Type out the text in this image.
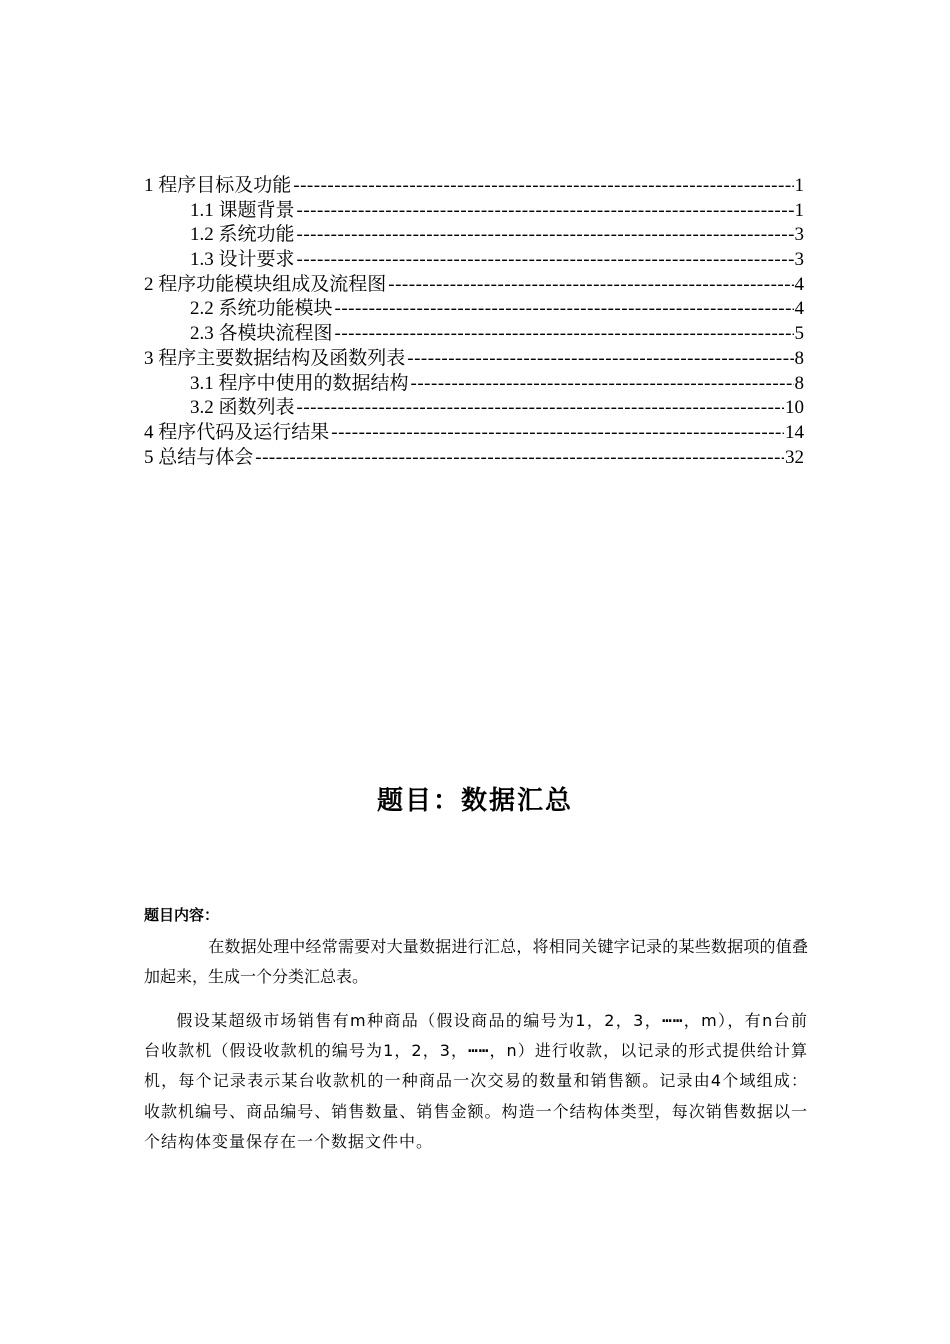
1 程序目标及功能 -----	1
1.1 课题背景 -----	1
1.2 系统功能 -----	3
1.3 设计要求 -----	3
2 程序功能模块组成及流程图 -----	4
2.2 系统功能模块 -----	4
2.3 各模块流程图 -----	5
3 程序主要数据结构及函数列表 -----	8
3.1 程序中使用的数据结构 -----	8
3.2 函数列表 -----	10
4 程序代码及运行结果 -----	14
5 总结与体会 -----	32
题目：数据汇总
题目内容：

在数据处理中经常需要对大量数据进行汇总，将相同关键字记录的某些数据项的值叠加起来，生成一个分类汇总表。

假设某超级市场销售有m种商品（假设商品的编号为1，2，3，┅┅，m），有n台前台收款机（假设收款机的编号为1，2，3，┅┅，n）进行收款，以记录的形式提供给计算机，每个记录表示某台收款机的一种商品一次交易的数量和销售额。记录由4个域组成：收款机编号、商品编号、销售数量、销售金额。构造一个结构体类型，每次销售数据以一个结构体变量保存在一个数据文件中。
